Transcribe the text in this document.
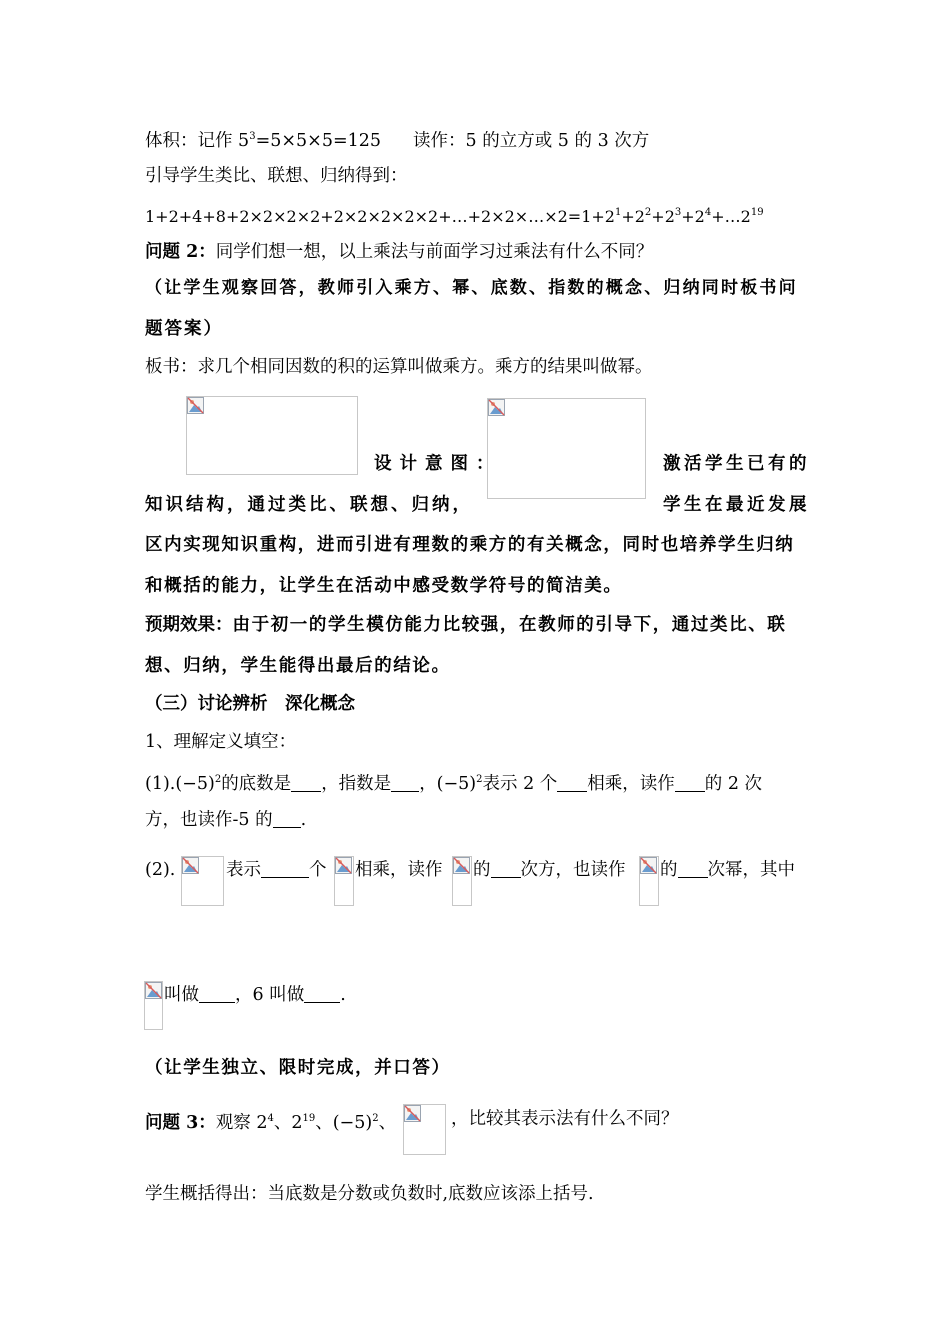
体积：记作 $5^3=5\times 5\times 5=125$ 读作：5 的立方或 5 的 3 次方
引导学生类比、联想、归纳得到：
$1+2+4+8+2\times 2\times 2\times 2+2\times 2\times 2\times 2\times 2+\dots+2\times 2\times\dots\times 2=1+2^1+2^2+2^3+2^4+\dots 2^{19}$
问题 2：同学们想一想，以上乘法与前面学习过乘法有什么不同？
（让学生观察回答，教师引入乘方、幂、底数、指数的概念、归纳同时板书问
题答案）
板书：求几个相同因数的积的运算叫做乘方。乘方的结果叫做幂。
设计意图：	激活学生已有的
知识结构，通过类比、联想、归纳，	学生在最近发展
区内实现知识重构，进而引进有理数的乘方的有关概念，同时也培养学生归纳
和概括的能力，让学生在活动中感受数学符号的简洁美。
预期效果：由于初一的学生模仿能力比较强，在教师的引导下，通过类比、联
想、归纳，学生能得出最后的结论。
（三）讨论辨析　深化概念
1、理解定义填空：
$(1).(-5)^2$的底数是 ，指数是 ，$(-5)^2$表示 2 个 相乘，读作 的 2 次
方，也读作-5 的 .
(2).	表示	个 相乘，读作 的 次方，也读作 的 次幂，其中
叫做 ，6 叫做 .
（让学生独立、限时完成，并口答）
问题 3：观察 $2^4$、$2^{19}$、$(-5)^2$、	，比较其表示法有什么不同？
学生概括得出：当底数是分数或负数时,底数应该添上括号.
